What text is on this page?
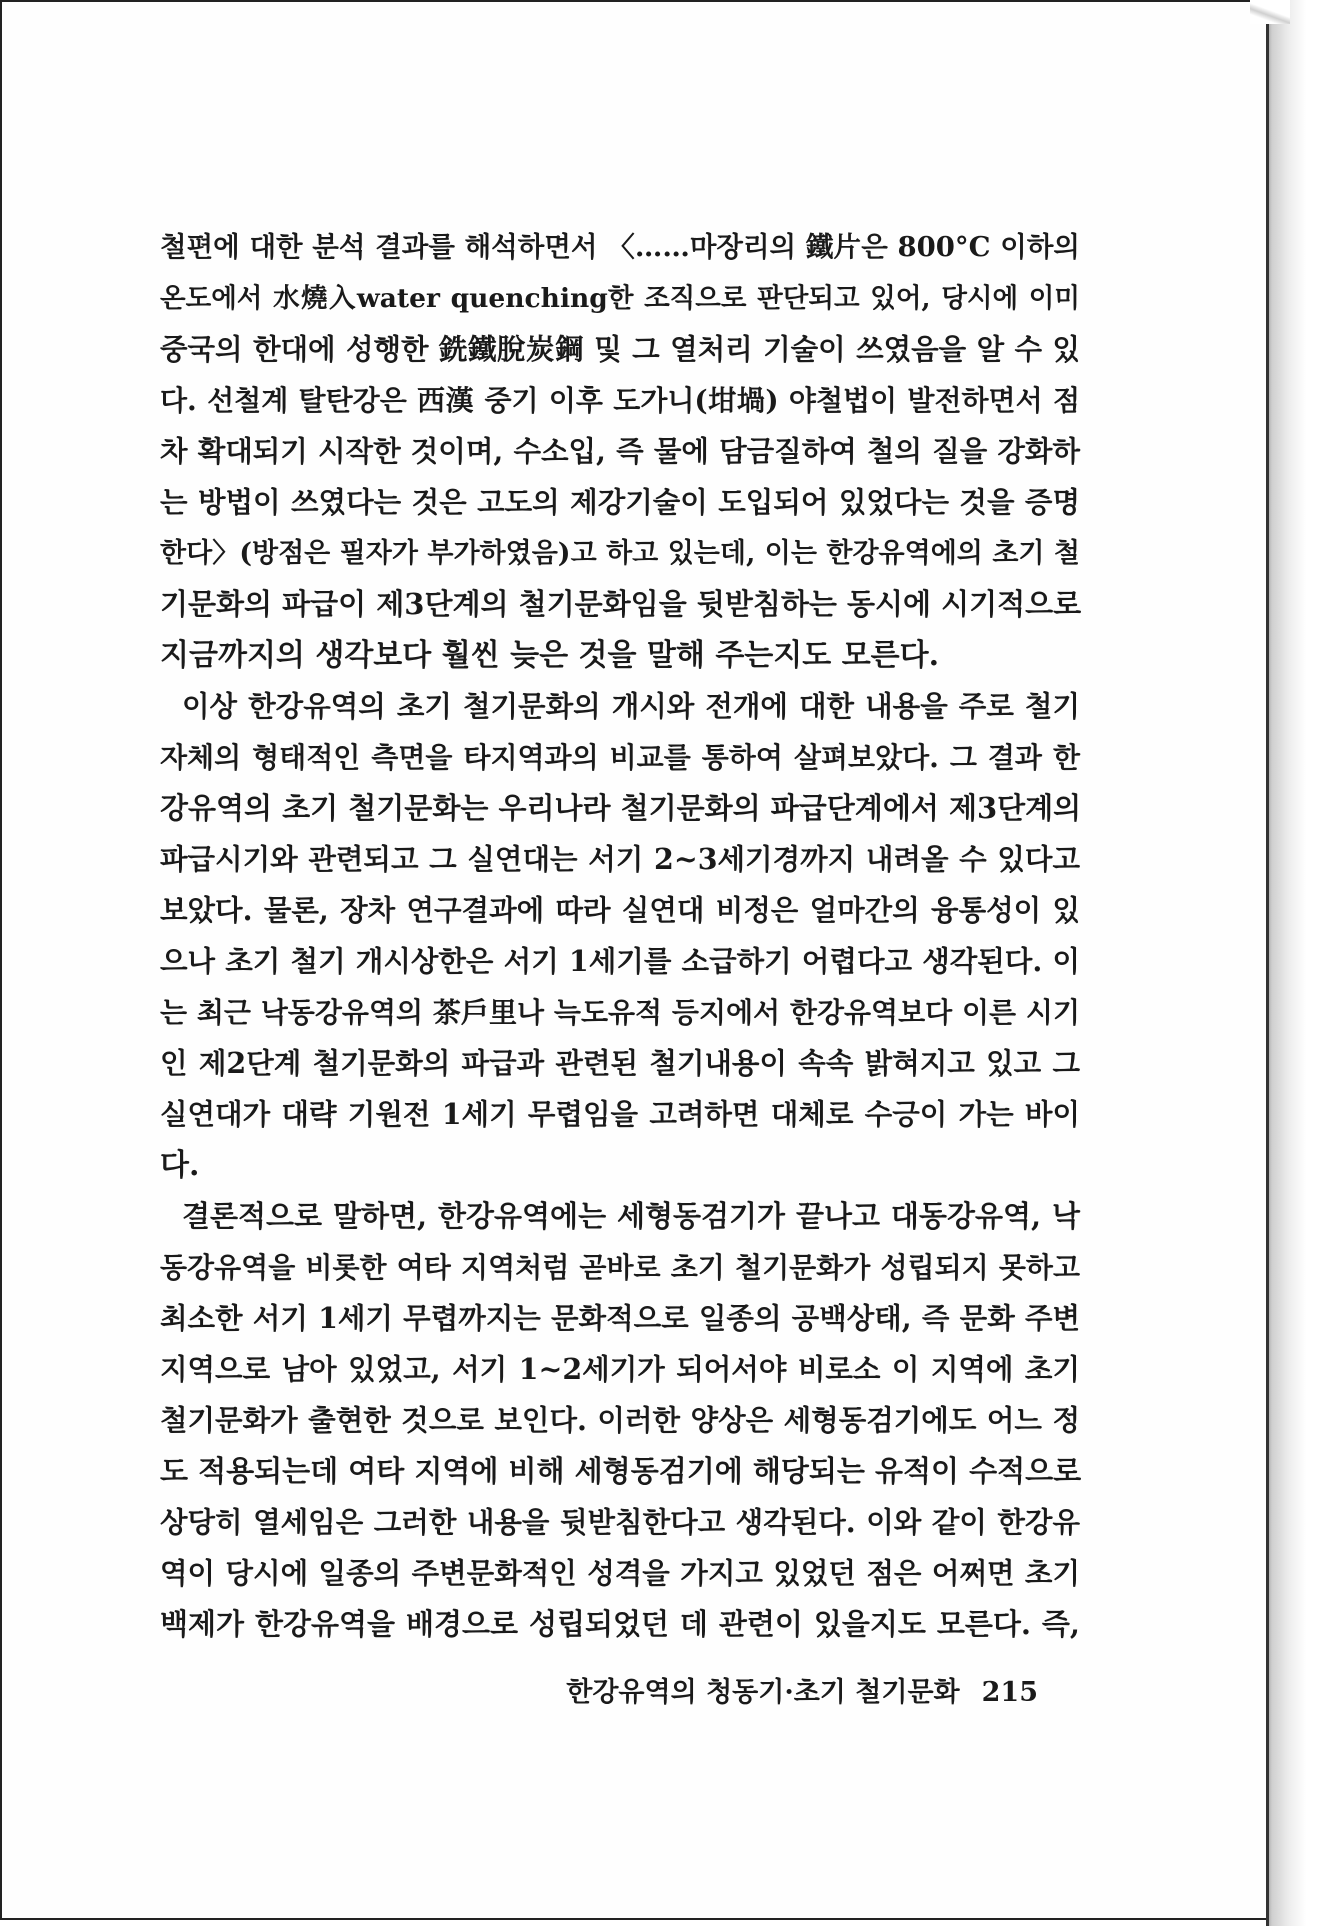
철편에 대한 분석 결과를 해석하면서 〈……마장리의 鐵片은 800°C 이하의
온도에서 水燒入water quenching한 조직으로 판단되고 있어, 당시에 이미
중국의 한대에 성행한 銑鐵脫炭鋼 및 그 열처리 기술이 쓰였음을 알 수 있
다. 선철계 탈탄강은 西漢 중기 이후 도가니(坩堝) 야철법이 발전하면서 점
차 확대되기 시작한 것이며, 수소입, 즉 물에 담금질하여 철의 질을 강화하
는 방법이 쓰였다는 것은 고도의 제강기술이 도입되어 있었다는 것을 증명
한다〉(방점은 필자가 부가하였음)고 하고 있는데, 이는 한강유역에의 초기 철
기문화의 파급이 제3단계의 철기문화임을 뒷받침하는 동시에 시기적으로
지금까지의 생각보다 훨씬 늦은 것을 말해 주는지도 모른다.
이상 한강유역의 초기 철기문화의 개시와 전개에 대한 내용을 주로 철기
자체의 형태적인 측면을 타지역과의 비교를 통하여 살펴보았다. 그 결과 한
강유역의 초기 철기문화는 우리나라 철기문화의 파급단계에서 제3단계의
파급시기와 관련되고 그 실연대는 서기 2~3세기경까지 내려올 수 있다고
보았다. 물론, 장차 연구결과에 따라 실연대 비정은 얼마간의 융통성이 있
으나 초기 철기 개시상한은 서기 1세기를 소급하기 어렵다고 생각된다. 이
는 최근 낙동강유역의 茶戶里나 늑도유적 등지에서 한강유역보다 이른 시기
인 제2단계 철기문화의 파급과 관련된 철기내용이 속속 밝혀지고 있고 그
실연대가 대략 기원전 1세기 무렵임을 고려하면 대체로 수긍이 가는 바이
다.
결론적으로 말하면, 한강유역에는 세형동검기가 끝나고 대동강유역, 낙
동강유역을 비롯한 여타 지역처럼 곧바로 초기 철기문화가 성립되지 못하고
최소한 서기 1세기 무렵까지는 문화적으로 일종의 공백상태, 즉 문화 주변
지역으로 남아 있었고, 서기 1~2세기가 되어서야 비로소 이 지역에 초기
철기문화가 출현한 것으로 보인다. 이러한 양상은 세형동검기에도 어느 정
도 적용되는데 여타 지역에 비해 세형동검기에 해당되는 유적이 수적으로
상당히 열세임은 그러한 내용을 뒷받침한다고 생각된다. 이와 같이 한강유
역이 당시에 일종의 주변문화적인 성격을 가지고 있었던 점은 어쩌면 초기
백제가 한강유역을 배경으로 성립되었던 데 관련이 있을지도 모른다. 즉,
한강유역의 청동기·초기 철기문화 215
